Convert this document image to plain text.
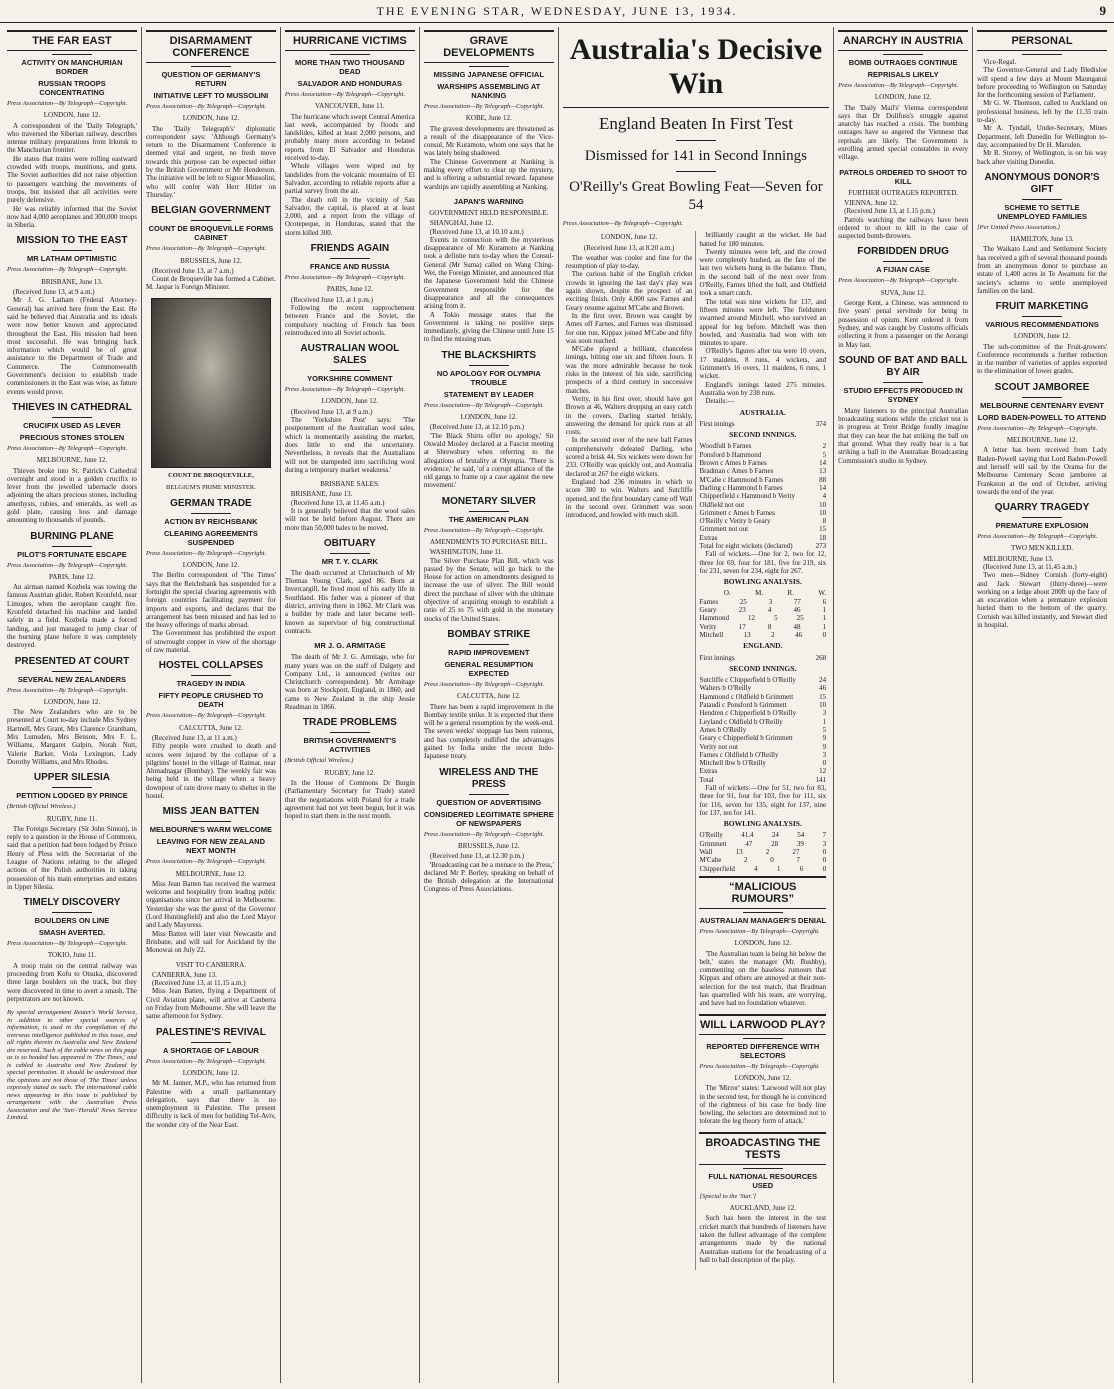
THE EVENING STAR, WEDNESDAY, JUNE 13, 1934.	9
THE FAR EAST
ACTIVITY ON MANCHURIAN BORDER
RUSSIAN TROOPS CONCENTRATING
Press Association—By Telegraph—Copyright.
LONDON, June 12.

A correspondent of the 'Daily Telegraph,' who traversed the Siberian railway, describes intense military preparations from Irkutsk to the Manchurian frontier.

He states that trains were rolling eastward crowded with troops, munitions, and guns. The Soviet authorities did not raise objection to passengers watching the movements of troops, but insisted that all activities were purely defensive.

He was reliably informed that the Soviet now had 4,000 aeroplanes and 300,000 troops in Siberia.

MISSION TO THE EAST
MR LATHAM OPTIMISTIC
Press Association—By Telegraph—Copyright.
BRISBANE, June 13.

(Received June 13, at 9 a.m.)

Mr J. G. Latham (Federal Attorney-General) has arrived here from the East. He said he believed that Australia and its ideals were now better known and appreciated throughout the East. His mission had been most successful. He was bringing back information which would be of great assistance to the Department of Trade and Commerce. The Commonwealth Government's decision to establish trade commissioners in the East was wise, as future events would prove.

THIEVES IN CATHEDRAL
CRUCIFIX USED AS LEVER
PRECIOUS STONES STOLEN
Press Association—By Telegraph—Copyright.
MELBOURNE, June 12.

Thieves broke into St. Patrick's Cathedral overnight and stood in a golden crucifix to lever from the jewelled tabernacle doors adjoining the altars precious stones, including amethysts, rubies, and emeralds, as well as gold plate, causing loss and damage amounting to thousands of pounds.

BURNING PLANE
PILOT'S FORTUNATE ESCAPE
Press Association—By Telegraph—Copyright.
PARIS, June 12.

An airman named Kozbela was towing the famous Austrian glider, Robert Kronfeld, near Limoges, when the aeroplane caught fire. Kronfeld detached his machine and landed safely in a field. Kozbela made a forced landing, and just managed to jump clear of the burning plane before it was completely destroyed.

PRESENTED AT COURT
SEVERAL NEW ZEALANDERS
Press Association—By Telegraph—Copyright.
LONDON, June 12.

The New Zealanders who are to be presented at Court to-day include Mrs Sydney Hartnell, Mrs Grant, Mrs Clarence Grantham, Mrs Lumsden, Mrs Benson, Mrs F. L. Williams, Margaret Galpin, Norah Nutt, Valerie Barker, Viola Lexington, Lady Dorothy Williams, and Mrs Rhodes.

UPPER SILESIA
PETITION LODGED BY PRINCE
(British Official Wireless.)
RUGBY, June 11.

The Foreign Secretary (Sir John Simon), in reply to a question in the House of Commons, said that a petition had been lodged by Prince Henry of Pless with the Secretariat of the League of Nations relating to the alleged actions of the Polish authorities in taking possession of his main enterprises and estates in Upper Silesia.

TIMELY DISCOVERY
BOULDERS ON LINE
SMASH AVERTED.
Press Association—By Telegraph—Copyright.
TOKIO, June 11.

A troop train on the central railway was proceeding from Kofu to Otsuka, discovered three large boulders on the track, but they were discovered in time to avert a smash. The perpetrators are not known.

By special arrangement Reuter's World Service, in addition to other special sources of information, is used in the compilation of the overseas intelligence published in this issue, and all rights therein in Australia and New Zealand are reserved. Such of the cable news on this page as is so headed has appeared in 'The Times,' and is cabled to Australia and New Zealand by special permission. It should be understood that the opinions are not those of 'The Times' unless expressly stated as such. The international cable news appearing in this issue is published by arrangement with the Australian Press Association and the 'Sun'-'Herald' News Service Limited.
DISARMAMENT CONFERENCE
QUESTION OF GERMANY'S RETURN
INITIATIVE LEFT TO MUSSOLINI
Press Association—By Telegraph—Copyright.
LONDON, June 12.

The 'Daily Telegraph's' diplomatic correspondent says: 'Although Germany's return to the Disarmament Conference is deemed vital and urgent, no fresh move towards this purpose can be expected either by the British Government or Mr Henderson. The initiative will be left to Signor Mussolini, who will confer with Herr Hitler on Thursday.'

BELGIAN GOVERNMENT
COUNT DE BROQUEVILLE FORMS CABINET
Press Association—By Telegraph—Copyright.
BRUSSELS, June 12.

(Received June 13, at 7 a.m.)

Count de Broqueville has formed a Cabinet. M. Jaspar is Foreign Minister.

COUNT DE BROQUEVILLE,
BELGIUM'S PRIME MINISTER.
GERMAN TRADE
ACTION BY REICHSBANK
CLEARING AGREEMENTS SUSPENDED
Press Association—By Telegraph—Copyright.
LONDON, June 12.

The Berlin correspondent of 'The Times' says that the Reichsbank has suspended for a fortnight the special clearing agreements with foreign countries facilitating payment for imports and exports, and declares that the arrangement has been misused and has led to the heavy offerings of marks abroad.

The Government has prohibited the export of unwrought copper in view of the shortage of raw material.

HOSTEL COLLAPSES
TRAGEDY IN INDIA
FIFTY PEOPLE CRUSHED TO DEATH
Press Association—By Telegraph—Copyright.
CALCUTTA, June 12.

(Received June 13, at 11 a.m.)

Fifty people were crushed to death and scores were injured by the collapse of a pilgrims' hostel in the village of Raimar, near Ahmadnagar (Bombay). The weekly fair was being held in the village when a heavy downpour of rain drove many to shelter in the hostel.

MISS JEAN BATTEN
MELBOURNE'S WARM WELCOME
LEAVING FOR NEW ZEALAND NEXT MONTH
Press Association—By Telegraph—Copyright.
MELBOURNE, June 12.

Miss Jean Batten has received the warmest welcome and hospitality from leading public organisations since her arrival in Melbourne. Yesterday she was the guest of the Governor (Lord Huntingfield) and also the Lord Mayor and Lady Mayoress.

Miss Batten will later visit Newcastle and Brisbane, and will sail for Auckland by the Monowai on July 22.

VISIT TO CANBERRA.

CANBERRA, June 13.

(Received June 13, at 11.15 a.m.)

Miss Jean Batten, flying a Department of Civil Aviation plane, will arrive at Canberra on Friday from Melbourne. She will leave the same afternoon for Sydney.

PALESTINE'S REVIVAL
A SHORTAGE OF LABOUR
Press Association—By Telegraph—Copyright.
LONDON, June 12.

Mr M. Janner, M.P., who has returned from Palestine with a small parliamentary delegation, says that there is no unemployment in Palestine. The present difficulty is lack of men for building Tel-Aviv, the wonder city of the Near East.

HURRICANE VICTIMS
MORE THAN TWO THOUSAND DEAD
SALVADOR AND HONDURAS
Press Association—By Telegraph—Copyright.
VANCOUVER, June 11.

The hurricane which swept Central America last week, accompanied by floods and landslides, killed at least 2,000 persons, and probably many more according to belated reports from El Salvador and Honduras received to-day.

Whole villages were wiped out by landslides from the volcanic mountains of El Salvador, according to reliable reports after a partial survey from the air.

The death roll in the vicinity of San Salvador, the capital, is placed at at least 2,000, and a report from the village of Ocotepeque, in Honduras, stated that the storm killed 300.

FRIENDS AGAIN
FRANCE AND RUSSIA
Press Association—By Telegraph—Copyright.
PARIS, June 12.

(Received June 13, at 1 p.m.)

Following the recent rapprochement between France and the Soviet, the compulsory teaching of French has been reintroduced into all Soviet schools.

AUSTRALIAN WOOL SALES
YORKSHIRE COMMENT
Press Association—By Telegraph—Copyright.
LONDON, June 12.

(Received June 13, at 9 a.m.)

The 'Yorkshire Post' says: 'The postponement of the Australian wool sales, which is momentarily assisting the market, does little to end the uncertainty. Nevertheless, it reveals that the Australians will not be stampeded into sacrificing wool during a temporary market weakness.'

BRISBANE SALES.

BRISBANE, June 13.

(Received June 13, at 11.45 a.m.)

It is generally believed that the wool sales will not be held before August. There are more than 50,000 bales to be moved.

OBITUARY
MR T. Y. CLARK

The death occurred at Christchurch of Mr Thomas Young Clark, aged 86. Born at Invercargill, he lived most of his early life in Southland. His father was a pioneer of that district, arriving there in 1862. Mr Clark was a builder by trade and later became well-known as supervisor of big constructional contracts.

MR J. G. ARMITAGE

The death of Mr J. G. Armitage, who for many years was on the staff of Dalgety and Company Ltd., is announced (writes our Christchurch correspondent). Mr Armitage was born at Stockport, England, in 1860, and came to New Zealand in the ship Jessie Readman in 1866.

TRADE PROBLEMS
BRITISH GOVERNMENT'S ACTIVITIES
(British Official Wireless.)
RUGBY, June 12.

In the House of Commons Dr Burgin (Parliamentary Secretary for Trade) stated that the negotiations with Poland for a trade agreement had not yet been begun, but it was hoped to start them in the next month.

GRAVE DEVELOPMENTS
MISSING JAPANESE OFFICIAL
WARSHIPS ASSEMBLING AT NANKING
Press Association—By Telegraph—Copyright.
KOBE, June 12.

The gravest developments are threatened as a result of the disappearance of the Vice-consul, Mr Kuramoto, whom one says that he was lately being shadowed.

The Chinese Government at Nanking is making every effort to clear up the mystery, and is offering a substantial reward. Japanese warships are rapidly assembling at Nanking.

JAPAN'S WARNING
GOVERNMENT HELD RESPONSIBLE.

SHANGHAI, June 12.

(Received June 13, at 10.10 a.m.)

Events in connection with the mysterious disappearance of Mr Kuramoto at Nanking took a definite turn to-day when the Consul-General (Mr Suma) called on Wang Ching-Wei, the Foreign Minister, and announced that the Japanese Government held the Chinese Government responsible for the disappearance and all the consequences arising from it.

A Tokio message states that the Government is taking no positive steps immediately, giving the Chinese until June 15 to find the missing man.

THE BLACKSHIRTS
NO APOLOGY FOR OLYMPIA TROUBLE
STATEMENT BY LEADER
Press Association—By Telegraph—Copyright.
LONDON, June 12.

(Received June 13, at 12.10 p.m.)

'The Black Shirts offer no apology,' Sir Oswald Mosley declared at a Fascist meeting at Shrewsbury when referring to the allegations of brutality at Olympia. 'There is evidence,' he said, 'of a corrupt alliance of the old gangs to frame up a case against the new movement.'

MONETARY SILVER
THE AMERICAN PLAN
Press Association—By Telegraph—Copyright.
AMENDMENTS TO PURCHASE BILL.

WASHINGTON, June 11.

The Silver Purchase Plan Bill, which was passed by the Senate, will go back to the House for action on amendments designed to increase the use of silver. The Bill would direct the purchase of silver with the ultimate objective of acquiring enough to establish a ratio of 25 to 75 with gold in the monetary stocks of the United States.

BOMBAY STRIKE
RAPID IMPROVEMENT
GENERAL RESUMPTION EXPECTED
Press Association—By Telegraph—Copyright.
CALCUTTA, June 12.

There has been a rapid improvement in the Bombay textile strike. It is expected that there will be a general resumption by the week-end. The seven weeks' stoppage has been ruinous, and has completely nullified the advantages gained by India under the recent Indo-Japanese treaty.

WIRELESS AND THE PRESS
QUESTION OF ADVERTISING
CONSIDERED LEGITIMATE SPHERE OF NEWSPAPERS
Press Association—By Telegraph—Copyright.
BRUSSELS, June 12.

(Received June 13, at 12.30 p.m.)

'Broadcasting can be a menace to the Press,' declared Mr P. Borley, speaking on behalf of the British delegation at the International Congress of Press Associations.

Australia's Decisive Win
England Beaten In First Test
Dismissed for 141 in Second Innings
O'Reilly's Great Bowling Feat—Seven for 54
Press Association—By Telegraph—Copyright.
LONDON, June 12.
(Received June 13, at 8.20 a.m.)

The weather was cooler and fine for the resumption of play to-day.

The curious habit of the English cricket crowds in ignoring the last day's play was again shown, despite the prospect of an exciting finish. Only 4,000 saw Farnes and Geary resume against M'Cabe and Brown.

In the first over, Brown was caught by Ames off Farnes, and Farnes was dismissed for one run. Kippax joined M'Cabe and fifty was soon reached.

M'Cabe played a brilliant, chanceless innings, hitting one six and fifteen fours. It was the more admirable because he took risks in the interest of his side, sacrificing prospects of a third century in successive matches.

Verity, in his first over, should have got Brown at 46, Walters dropping an easy catch in the covers. Darling started briskly, answering the demand for quick runs at all costs.

In the second over of the new ball Farnes comprehensively defeated Darling, who scored a brisk 44. Six wickets were down for 233. O'Reilly was quickly out, and Australia declared at 267 for eight wickets.

England had 236 minutes in which to score 380 to win. Walters and Sutcliffe opened, and the first boundary came off Wall in the second over. Grimmett was soon introduced, and bowled with much skill.

brilliantly caught at the wicket. He had batted for 180 minutes.

Twenty minutes were left, and the crowd were completely hushed, as the fate of the last two wickets hung in the balance. Then, in the second ball of the next over from O'Reilly, Farnes lifted the ball, and Oldfield took a smart catch.

The total was nine wickets for 137, and fifteen minutes were left. The fieldsmen swarmed around Mitchell, who survived an appeal for leg before. Mitchell was then bowled, and Australia had won with ten minutes to spare.

O'Reilly's figures after tea were 10 overs, 17 maidens, 8 runs, 4 wickets, and Grimmett's 16 overs, 11 maidens, 6 runs, 1 wicket.

England's innings lasted 275 minutes. Australia won by 238 runs.

Details:—

AUSTRALIA.
First innings	374
SECOND INNINGS.
Woodfull b Farnes	2
Ponsford b Hammond	5
Brown c Ames b Farnes	14
Bradman c Ames b Farnes	13
M'Cabe c Hammond b Farnes	88
Darling c Hammond b Farnes	14
Chipperfield c Hammond b Verity	4
Oldfield not out	10
Grimmett c Ames b Farnes	10
O'Reilly c Verity b Geary	8
Grimmett not out	15
Extras	18
Total for eight wickets (declared)	273

Fall of wickets.—One for 2, two for 12, three for 69, four for 181, five for 219, six for 231, seven for 234, eight for 267.

BOWLING ANALYSIS.
O.	M.	R.	W.
Farnes	25	3	77	6
Geary	23	4	46	1
Hammond	12	5	25	1
Verity	17	8	48	1
Mitchell	13	2	46	0
ENGLAND.
First innings	268
SECOND INNINGS.
Sutcliffe c Chipperfield b O'Reilly	24
Walters b O'Reilly	46
Hammond c Oldfield b Grimmett	15
Pataudi c Ponsford b Grimmett	10
Hendren c Chipperfield b O'Reilly	3
Leyland c Oldfield b O'Reilly	1
Ames b O'Reilly	5
Geary c Chipperfield b Grimmett	9
Verity not out	9
Farnes c Oldfield b O'Reilly	3
Mitchell lbw b O'Reilly	0
Extras	12
Total	141

Fall of wickets.—One for 51, two for 83, three for 91, four for 103, five for 111, six for 116, seven for 135, eight for 137, nine for 137, ten for 141.

BOWLING ANALYSIS.
O'Reilly	41.4	24	54	7
Grimmett	47	28	39	3
Wall	13	2	27	0
M'Cabe	2	0	7	0
Chipperfield	4	1	6	0
“MALICIOUS RUMOURS”
AUSTRALIAN MANAGER'S DENIAL
Press Association—By Telegraph—Copyright.
LONDON, June 12.

'The Australian team is being hit below the belt,' states the manager (Mr. Bushby), commenting on the baseless rumours that Kippax and others are annoyed at their non-selection for the test match, that Bradman has quarrelled with his team, are worrying, and have had no foundation whatever.

WILL LARWOOD PLAY?
REPORTED DIFFERENCE WITH SELECTORS
Press Association—By Telegraph—Copyright.
LONDON, June 12.

The 'Mirror' states: 'Larwood will not play in the second test, for though he is convinced of the rightness of his case for body line bowling, the selectors are determined not to tolerate the leg theory form of attack.'

BROADCASTING THE TESTS
FULL NATIONAL RESOURCES USED
[Special to the 'Star.']
AUCKLAND, June 12.

Such has been the interest in the test cricket match that hundreds of listeners have taken the fullest advantage of the complete arrangements made by the national Australian stations for the broadcasting of a ball to ball description of the play.

ANARCHY IN AUSTRIA
BOMB OUTRAGES CONTINUE
REPRISALS LIKELY
Press Association—By Telegraph—Copyright.
LONDON, June 12.

The 'Daily Mail's' Vienna correspondent says that Dr Dollfuss's struggle against anarchy has reached a crisis. The bombing outrages have so angered the Viennese that reprisals are likely. The Government is enrolling armed special constables in every village.

PATROLS ORDERED TO SHOOT TO KILL
FURTHER OUTRAGES REPORTED.

VIENNA, June 12.

(Received June 13, at 1.15 p.m.)

Patrols watching the railways have been ordered to shoot to kill in the case of suspected bomb-throwers.

FORBIDDEN DRUG
A FIJIAN CASE
Press Association—By Telegraph—Copyright.
SUVA, June 12.

George Kent, a Chinese, was sentenced to five years' penal servitude for being in possession of opium. Kent ordered it from Sydney, and was caught by Customs officials collecting it from a passenger on the Aorangi in May last.

SOUND OF BAT AND BALL BY AIR
STUDIO EFFECTS PRODUCED IN SYDNEY

Many listeners to the principal Australian broadcasting stations while the cricket test is in progress at Trent Bridge fondly imagine that they can hear the bat striking the ball on that ground. What they really hear is a bat striking a ball in the Australian Broadcasting Commission's studio in Sydney.

PERSONAL

Vice-Regal.

The Governor-General and Lady Bledisloe will spend a few days at Mount Maunganui before proceeding to Wellington on Saturday for the forthcoming session of Parliament.

Mr G. W. Thomson, called to Auckland on professional business, left by the 11.35 train to-day.

Mr A. Tyndall, Under-Secretary, Mines Department, left Dunedin for Wellington to-day, accompanied by Dr H. Marsden.

Mr R. Storey, of Wellington, is on his way back after visiting Dunedin.

ANONYMOUS DONOR'S GIFT
SCHEME TO SETTLE UNEMPLOYED FAMILIES
[Per United Press Association.]
HAMILTON, June 13.

The Waikato Land and Settlement Society has received a gift of several thousand pounds from an anonymous donor to purchase an estate of 1,400 acres in Te Awamutu for the society's scheme to settle unemployed families on the land.

FRUIT MARKETING
VARIOUS RECOMMENDATIONS
LONDON, June 12.

The sub-committee of the Fruit-growers' Conference recommends a further reduction in the number of varieties of apples exported to the elimination of lower grades.

SCOUT JAMBOREE
MELBOURNE CENTENARY EVENT
LORD BADEN-POWELL TO ATTEND
Press Association—By Telegraph—Copyright.
MELBOURNE, June 12.

A letter has been received from Lady Baden-Powell saying that Lord Baden-Powell and herself will sail by the Orama for the Melbourne Centenary Scout jamboree at Frankston at the end of October, arriving towards the end of the year.

QUARRY TRAGEDY
PREMATURE EXPLOSION
Press Association—By Telegraph—Copyright.
TWO MEN KILLED.

MELBOURNE, June 13.

(Received June 13, at 11.45 a.m.)

Two men—Sidney Cornish (forty-eight) and Jack Stewart (thirty-three)—were working on a ledge about 200ft up the face of an excavation when a premature explosion hurled them to the bottom of the quarry. Cornish was killed instantly, and Stewart died in hospital.
